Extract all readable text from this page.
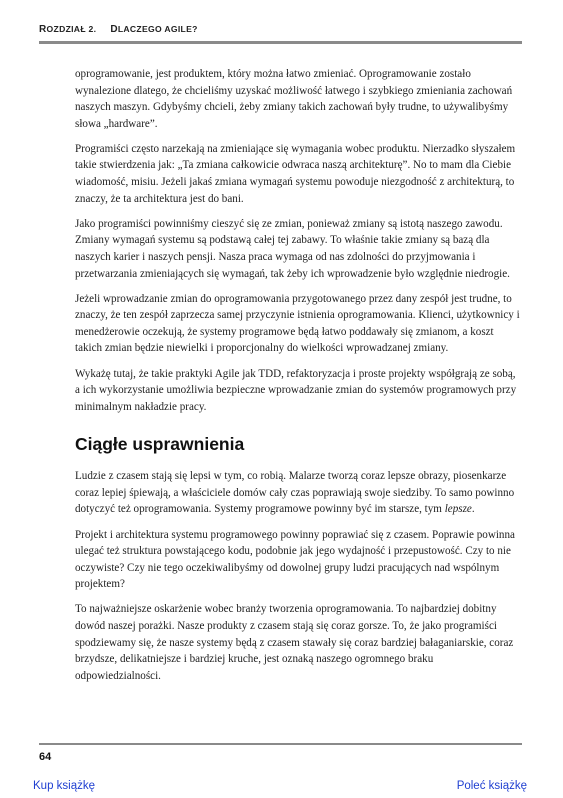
ROZDZIAŁ 2. DLACZEGO AGILE?

oprogramowanie, jest produktem, który można łatwo zmieniać. Oprogramowanie zostało wynalezione dlatego, że chcieliśmy uzyskać możliwość łatwego i szybkiego zmieniania zachowań naszych maszyn. Gdybyśmy chcieli, żeby zmiany takich zachowań były trudne, to używalibyśmy słowa „hardware”.

Programiści często narzekają na zmieniające się wymagania wobec produktu. Nierzadko słyszałem takie stwierdzenia jak: „Ta zmiana całkowicie odwraca naszą architekturę”. No to mam dla Ciebie wiadomość, misiu. Jeżeli jakaś zmiana wymagań systemu powoduje niezgodność z architekturą, to znaczy, że ta architektura jest do bani.

Jako programiści powinniśmy cieszyć się ze zmian, ponieważ zmiany są istotą naszego zawodu. Zmiany wymagań systemu są podstawą całej tej zabawy. To właśnie takie zmiany są bazą dla naszych karier i naszych pensji. Nasza praca wymaga od nas zdolności do przyjmowania i przetwarzania zmieniających się wymagań, tak żeby ich wprowadzenie było względnie niedrogie.

Jeżeli wprowadzanie zmian do oprogramowania przygotowanego przez dany zespół jest trudne, to znaczy, że ten zespół zaprzecza samej przyczynie istnienia oprogramowania. Klienci, użytkownicy i menedżerowie oczekują, że systemy programowe będą łatwo poddawały się zmianom, a koszt takich zmian będzie niewielki i proporcjonalny do wielkości wprowadzanej zmiany.

Wykażę tutaj, że takie praktyki Agile jak TDD, refaktoryzacja i proste projekty współgrają ze sobą, a ich wykorzystanie umożliwia bezpieczne wprowadzanie zmian do systemów programowych przy minimalnym nakładzie pracy.

Ciągłe usprawnienia

Ludzie z czasem stają się lepsi w tym, co robią. Malarze tworzą coraz lepsze obrazy, piosenkarze coraz lepiej śpiewają, a właściciele domów cały czas poprawiają swoje siedziby. To samo powinno dotyczyć też oprogramowania. Systemy programowe powinny być im starsze, tym lepsze.

Projekt i architektura systemu programowego powinny poprawiać się z czasem. Poprawie powinna ulegać też struktura powstającego kodu, podobnie jak jego wydajność i przepustowość. Czy to nie oczywiste? Czy nie tego oczekiwalibyśmy od dowolnej grupy ludzi pracujących nad wspólnym projektem?

To najważniejsze oskarżenie wobec branży tworzenia oprogramowania. To najbardziej dobitny dowód naszej porażki. Nasze produkty z czasem stają się coraz gorsze. To, że jako programiści spodziewamy się, że nasze systemy będą z czasem stawały się coraz bardziej bałaganiarskie, coraz brzydsze, delikatniejsze i bardziej kruche, jest oznaką naszego ogromnego braku odpowiedzialności.

64
Kup książkę	Poleć książkę
